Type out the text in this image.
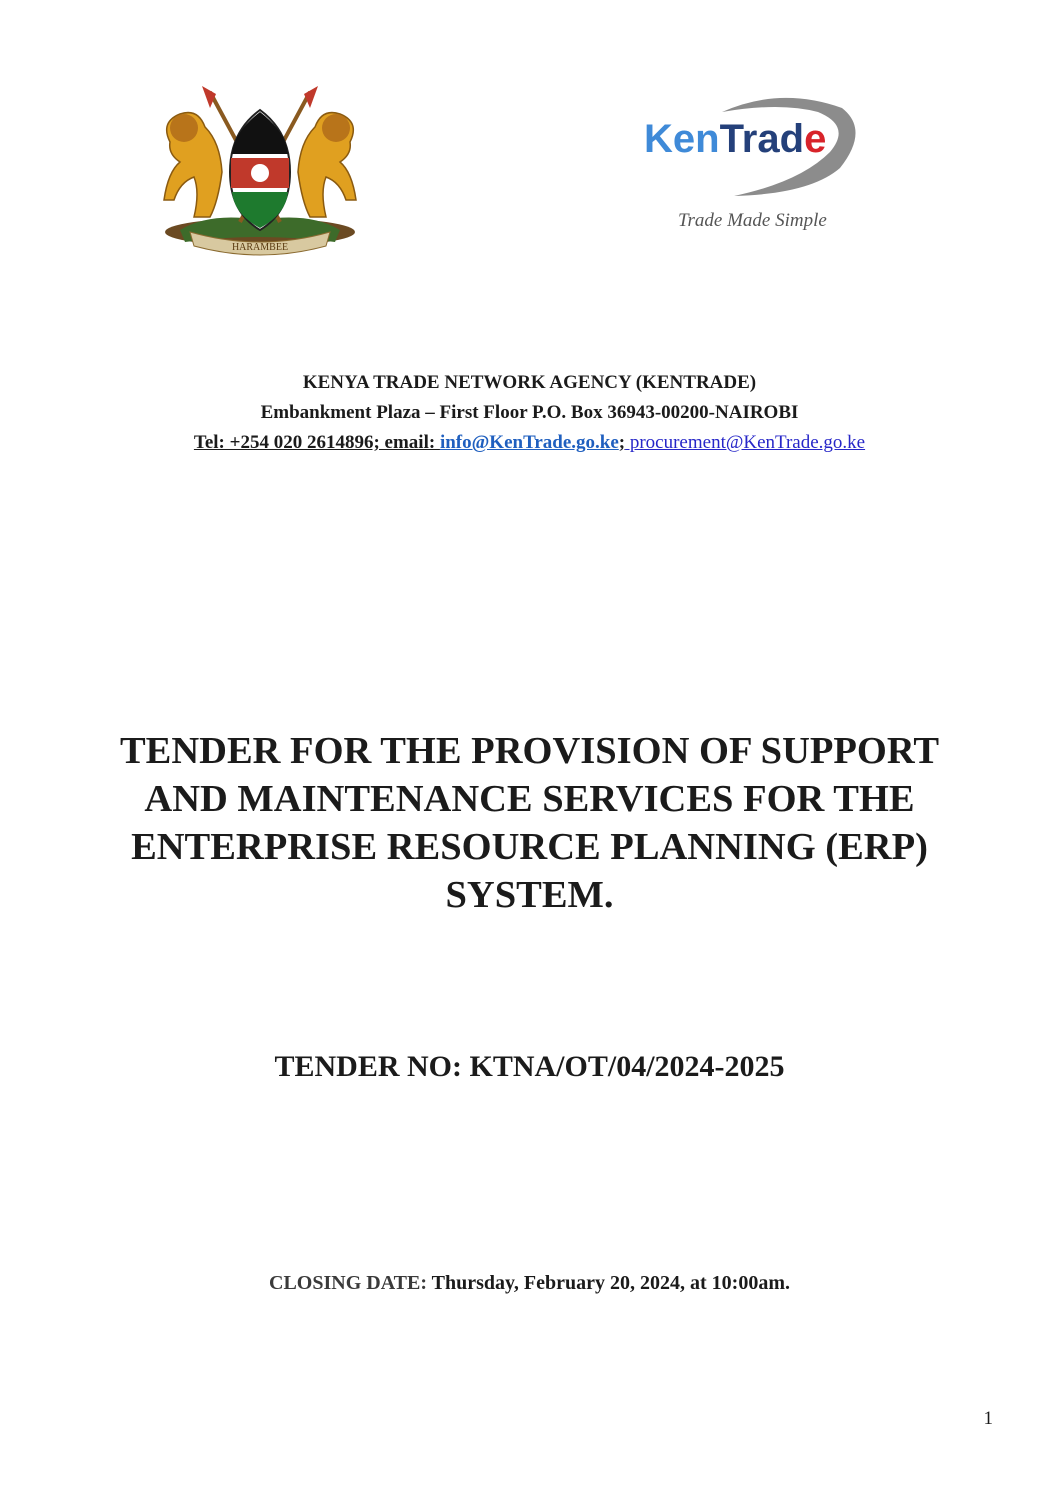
HARAMBEE
KenTrade
Trade Made Simple
KENYA TRADE NETWORK AGENCY (KENTRADE)
Embankment Plaza – First Floor P.O. Box 36943-00200-NAIROBI
Tel: +254 020 2614896; email: info@KenTrade.go.ke; procurement@KenTrade.go.ke
TENDER FOR THE PROVISION OF SUPPORT
AND MAINTENANCE SERVICES FOR THE
ENTERPRISE RESOURCE PLANNING (ERP)
SYSTEM.
TENDER NO: KTNA/OT/04/2024-2025
CLOSING DATE: Thursday, February 20, 2024, at 10:00am.
1
